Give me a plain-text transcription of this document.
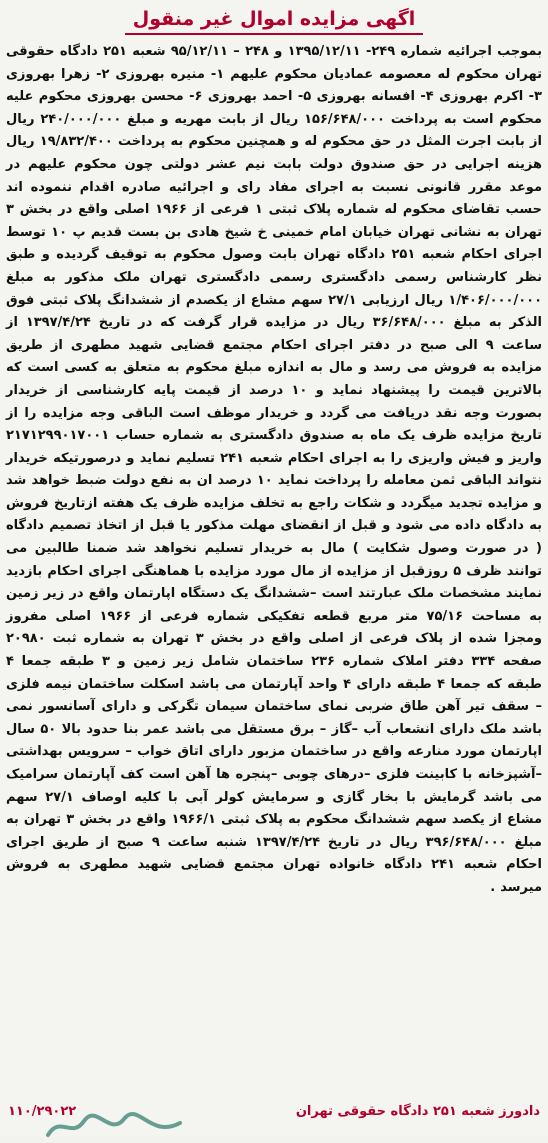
اگهی مزایده اموال غیر منقول

بموجب اجرائیه شماره ۲۴۹- ۱۳۹۵/۱۲/۱۱ و ۲۴۸ – ۹۵/۱۲/۱۱ شعبه ۲۵۱ دادگاه حقوقی تهران محکوم له معصومه عمادیان محکوم علیهم ۱- منیره بهروزی ۲- زهرا بهروزی ۳- اکرم بهروزی ۴- افسانه بهروزی ۵- احمد بهروزی ۶- محسن بهروزی محکوم علیه محکوم است به پرداخت ۱۵۶/۶۴۸/۰۰۰ ریال از بابت مهریه و مبلغ ۲۴۰/۰۰۰/۰۰۰ ریال از بابت اجرت المثل در حق محکوم له و همچنین محکوم به پرداخت ۱۹/۸۳۲/۴۰۰ ریال هزینه اجرایی در حق صندوق دولت بابت نیم عشر دولتی چون محکوم علیهم در موعد مقرر قانونی نسبت به اجرای مفاد رای و اجرائیه صادره اقدام ننموده اند حسب تقاضای محکوم له شماره پلاک ثبتی ۱ فرعی از ۱۹۶۶ اصلی واقع در بخش ۳ تهران به نشانی تهران خیابان امام خمینی خ شیخ هادی بن بست قدیم پ ۱۰ توسط اجرای احکام شعبه ۲۵۱ دادگاه تهران بابت وصول محکوم به توقیف گردیده و طبق نظر کارشناس رسمی دادگستری رسمی دادگستری تهران ملک مذکور به مبلغ ۱/۴۰۶/۰۰۰/۰۰۰ ریال ارزیابی ۲۷/۱ سهم مشاع از یکصدم از ششدانگ پلاک ثبتی فوق الذکر به مبلغ ۳۶/۶۴۸/۰۰۰ ریال در مزایده قرار گرفت که در تاریخ ۱۳۹۷/۴/۲۴ از ساعت ۹ الی صبح در دفتر اجرای احکام مجتمع قضایی شهید مطهری از طریق مزایده به فروش می رسد و مال به اندازه مبلغ محکوم به متعلق به کسی است که بالاترین قیمت را پیشنهاد نماید و ۱۰ درصد از قیمت پایه کارشناسی از خریدار بصورت وجه نقد دریافت می گردد و خریدار موظف است الباقی وجه مزایده را از تاریخ مزایده ظرف یک ماه به صندوق دادگستری به شماره حساب ۲۱۷۱۲۹۹۰۱۷۰۰۱ واریز و فیش واریزی را به اجرای احکام شعبه ۲۴۱ تسلیم نماید و درصورتیکه خریدار نتواند الباقی ثمن معامله را پرداخت نماید ۱۰ درصد ان به نفع دولت ضبط خواهد شد و مزایده تجدید میگردد و شکات راجع به تخلف مزایده ظرف یک هفته ازتاریخ فروش به دادگاه داده می شود و قبل از انقضای مهلت مذکور یا قبل از اتخاذ تصمیم دادگاه ( در صورت وصول شکایت ) مال به خریدار تسلیم نخواهد شد ضمنا طالبین می توانند ظرف ۵ روزقبل از مزایده از مال مورد مزایده با هماهنگی اجرای احکام بازدید نمایند مشخصات ملک عبارتند است –ششدانگ یک دستگاه اپارتمان واقع در زیر زمین به مساحت ۷۵/۱۶ متر مربع قطعه تفکیکی شماره فرعی از ۱۹۶۶ اصلی مفروز ومجزا شده از پلاک فرعی از اصلی واقع در بخش ۳ تهران به شماره ثبت ۲۰۹۸۰ صفحه ۳۳۴ دفتر املاک شماره ۲۳۶ ساختمان شامل زیر زمین و ۳ طبقه جمعا ۴ طبقه که جمعا ۴ طبقه دارای ۴ واحد آپارتمان می باشد اسکلت ساختمان نیمه فلزی – سقف تیر آهن طاق ضربی نمای ساختمان سیمان تگرکی و دارای آسانسور نمی باشد ملک دارای انشعاب آب –گاز – برق مستقل می باشد عمر بنا حدود بالا ۵۰ سال اپارتمان مورد منارعه واقع در ساختمان مزبور دارای اتاق خواب – سرویس بهداشتی –آشپزخانه با کابینت فلزی –درهای چوبی –پنجره ها آهن است کف آپارتمان سرامیک می باشد گرمایش با بخار گازی و سرمایش کولر آبی با کلیه اوصاف ۲۷/۱ سهم مشاع از یکصد سهم ششدانگ محکوم به پلاک ثبتی ۱۹۶۶/۱ واقع در بخش ۳ تهران به مبلغ ۳۹۶/۶۴۸/۰۰۰ ریال در تاریخ ۱۳۹۷/۴/۲۴ شنبه ساعت ۹ صبح از طریق اجرای احکام شعبه ۲۴۱ دادگاه خانواده تهران مجتمع قضایی شهید مطهری به فروش میرسد .

دادورز شعبه ۲۵۱ دادگاه حقوقی تهران
۱۱۰/۲۹۰۲۲
